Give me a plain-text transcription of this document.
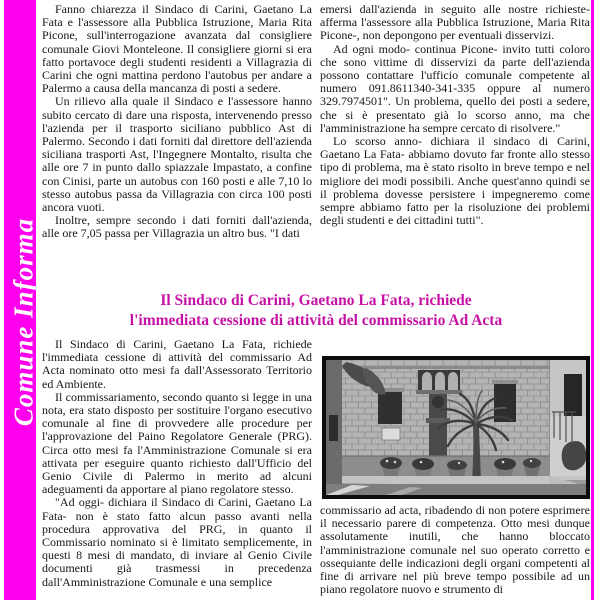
Comune Informa

Fanno chiarezza il Sindaco di Carini, Gaetano La Fata e l'assessore alla Pubblica Istruzione, Maria Rita Picone, sull'interrogazione avanzata dal consigliere comunale Giovi Monteleone. Il consigliere giorni si era fatto portavoce degli studenti residenti a Villagrazia di Carini che ogni mattina perdono l'autobus per andare a Palermo a causa della mancanza di posti a sedere.

Un rilievo alla quale il Sindaco e l'assessore hanno subito cercato di dare una risposta, intervenendo presso l'azienda per il trasporto siciliano pubblico Ast di Palermo. Secondo i dati forniti dal direttore dell'azienda siciliana trasporti Ast, l'Ingegnere Montalto, risulta che alle ore 7 in punto dallo spiazzale Impastato, a confine con Cinisi, parte un autobus con 160 posti e alle 7,10 lo stesso autobus passa da Villagrazia con circa 100 posti ancora vuoti.

Inoltre, sempre secondo i dati forniti dall'azienda, alle ore 7,05 passa per Villagrazia un altro bus. "I dati

emersi dall'azienda in seguito alle nostre richieste- afferma l'assessore alla Pubblica Istruzione, Maria Rita Picone-, non depongono per eventuali disservizi.

Ad ogni modo- continua Picone- invito tutti coloro che sono vittime di disservizi da parte dell'azienda possono contattare l'ufficio comunale competente al numero 091.8611340-341-335 oppure al numero 329.7974501". Un problema, quello dei posti a sedere, che si è presentato già lo scorso anno, ma che l'amministrazione ha sempre cercato di risolvere."

Lo scorso anno- dichiara il sindaco di Carini, Gaetano La Fata- abbiamo dovuto far fronte allo stesso tipo di problema, ma è stato risolto in breve tempo e nel migliore dei modi possibili. Anche quest'anno quindi se il problema dovesse persistere i impegneremo come sempre abbiamo fatto per la risoluzione dei problemi degli studenti e dei cittadini tutti".

Il Sindaco di Carini, Gaetano La Fata, richiede
l'immediata cessione di attività del commissario Ad Acta

Il Sindaco di Carini, Gaetano La Fata, richiede l'immediata cessione di attività del commissario Ad Acta nominato otto mesi fa dall'Assessorato Territorio ed Ambiente.

Il commissariamento, secondo quanto si legge in una nota, era stato disposto per sostituire l'organo esecutivo comunale al fine di provvedere alle procedure per l'approvazione del Paino Regolatore Generale (PRG). Circa otto mesi fa l'Amministrazione Comunale si era attivata per eseguire quanto richiesto dall'Ufficio del Genio Civile di Palermo in merito ad alcuni adeguamenti da apportare al piano regolatore stesso.

"Ad oggi- dichiara il Sindaco di Carini, Gaetano La Fata- non è stato fatto alcun passo avanti nella procedura approvativa del PRG, in quanto il Commissario nominato si è limitato semplicemente, in questi 8 mesi di mandato, di inviare al Genio Civile documenti già trasmessi in precedenza dall'Amministrazione Comunale e una semplice

commissario ad acta, ribadendo di non potere esprimere il necessario parere di competenza. Otto mesi dunque assolutamente inutili, che hanno bloccato l'amministrazione comunale nel suo operato corretto e ossequiante delle indicazioni degli organi competenti al fine di arrivare nel più breve tempo possibile ad un piano regolatore nuovo e strumento di
